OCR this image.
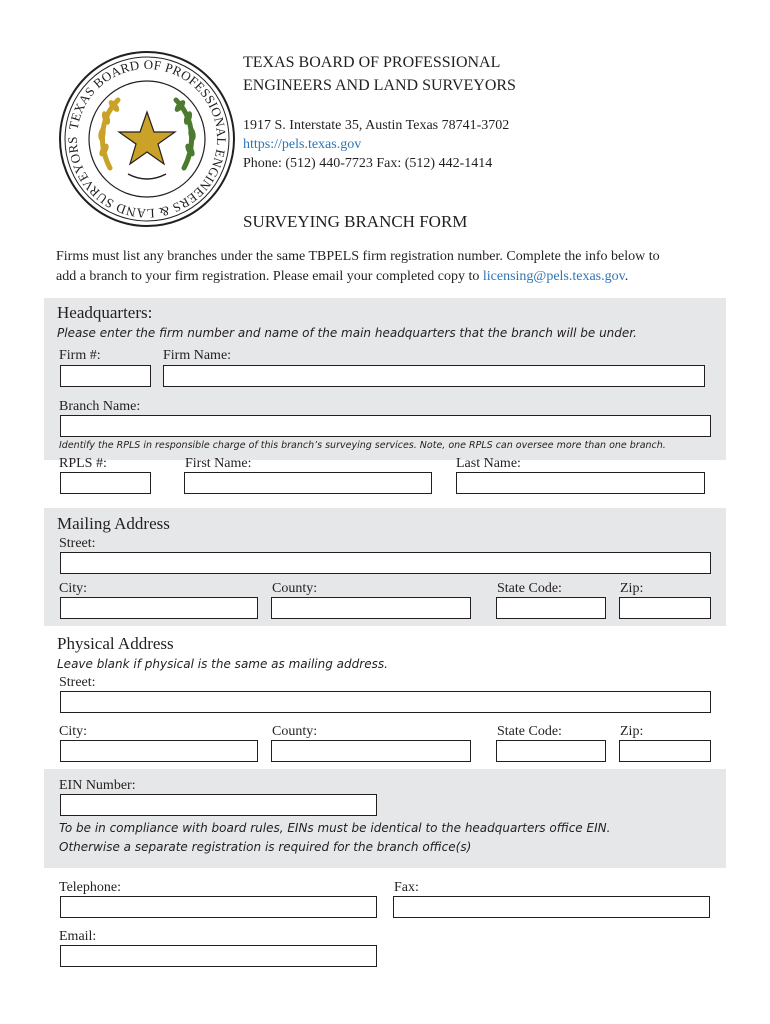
TEXAS BOARD OF PROFESSIONAL ENGINEERS & LAND SURVEYORS
TEXAS BOARD OF PROFESSIONAL
ENGINEERS AND LAND SURVEYORS
1917 S. Interstate 35, Austin Texas 78741-3702
https://pels.texas.gov
Phone: (512) 440-7723 Fax: (512) 442-1414
SURVEYING BRANCH FORM
Firms must list any branches under the same TBPELS firm registration number. Complete the info below to
add a branch to your firm registration. Please email your completed copy to licensing@pels.texas.gov.
Headquarters:
Please enter the firm number and name of the main headquarters that the branch will be under.
Firm #:	Firm Name:
Branch Name:
Identify the RPLS in responsible charge of this branch’s surveying services. Note, one RPLS can oversee more than one branch.
RPLS #:	First Name:	Last Name:
Mailing Address
Street:
City:	County:	State Code:	Zip:
Physical Address
Leave blank if physical is the same as mailing address.
Street:
City:	County:	State Code:	Zip:
EIN Number:
To be in compliance with board rules, EINs must be identical to the headquarters office EIN.
Otherwise a separate registration is required for the branch office(s)
Telephone:	Fax:
Email:
